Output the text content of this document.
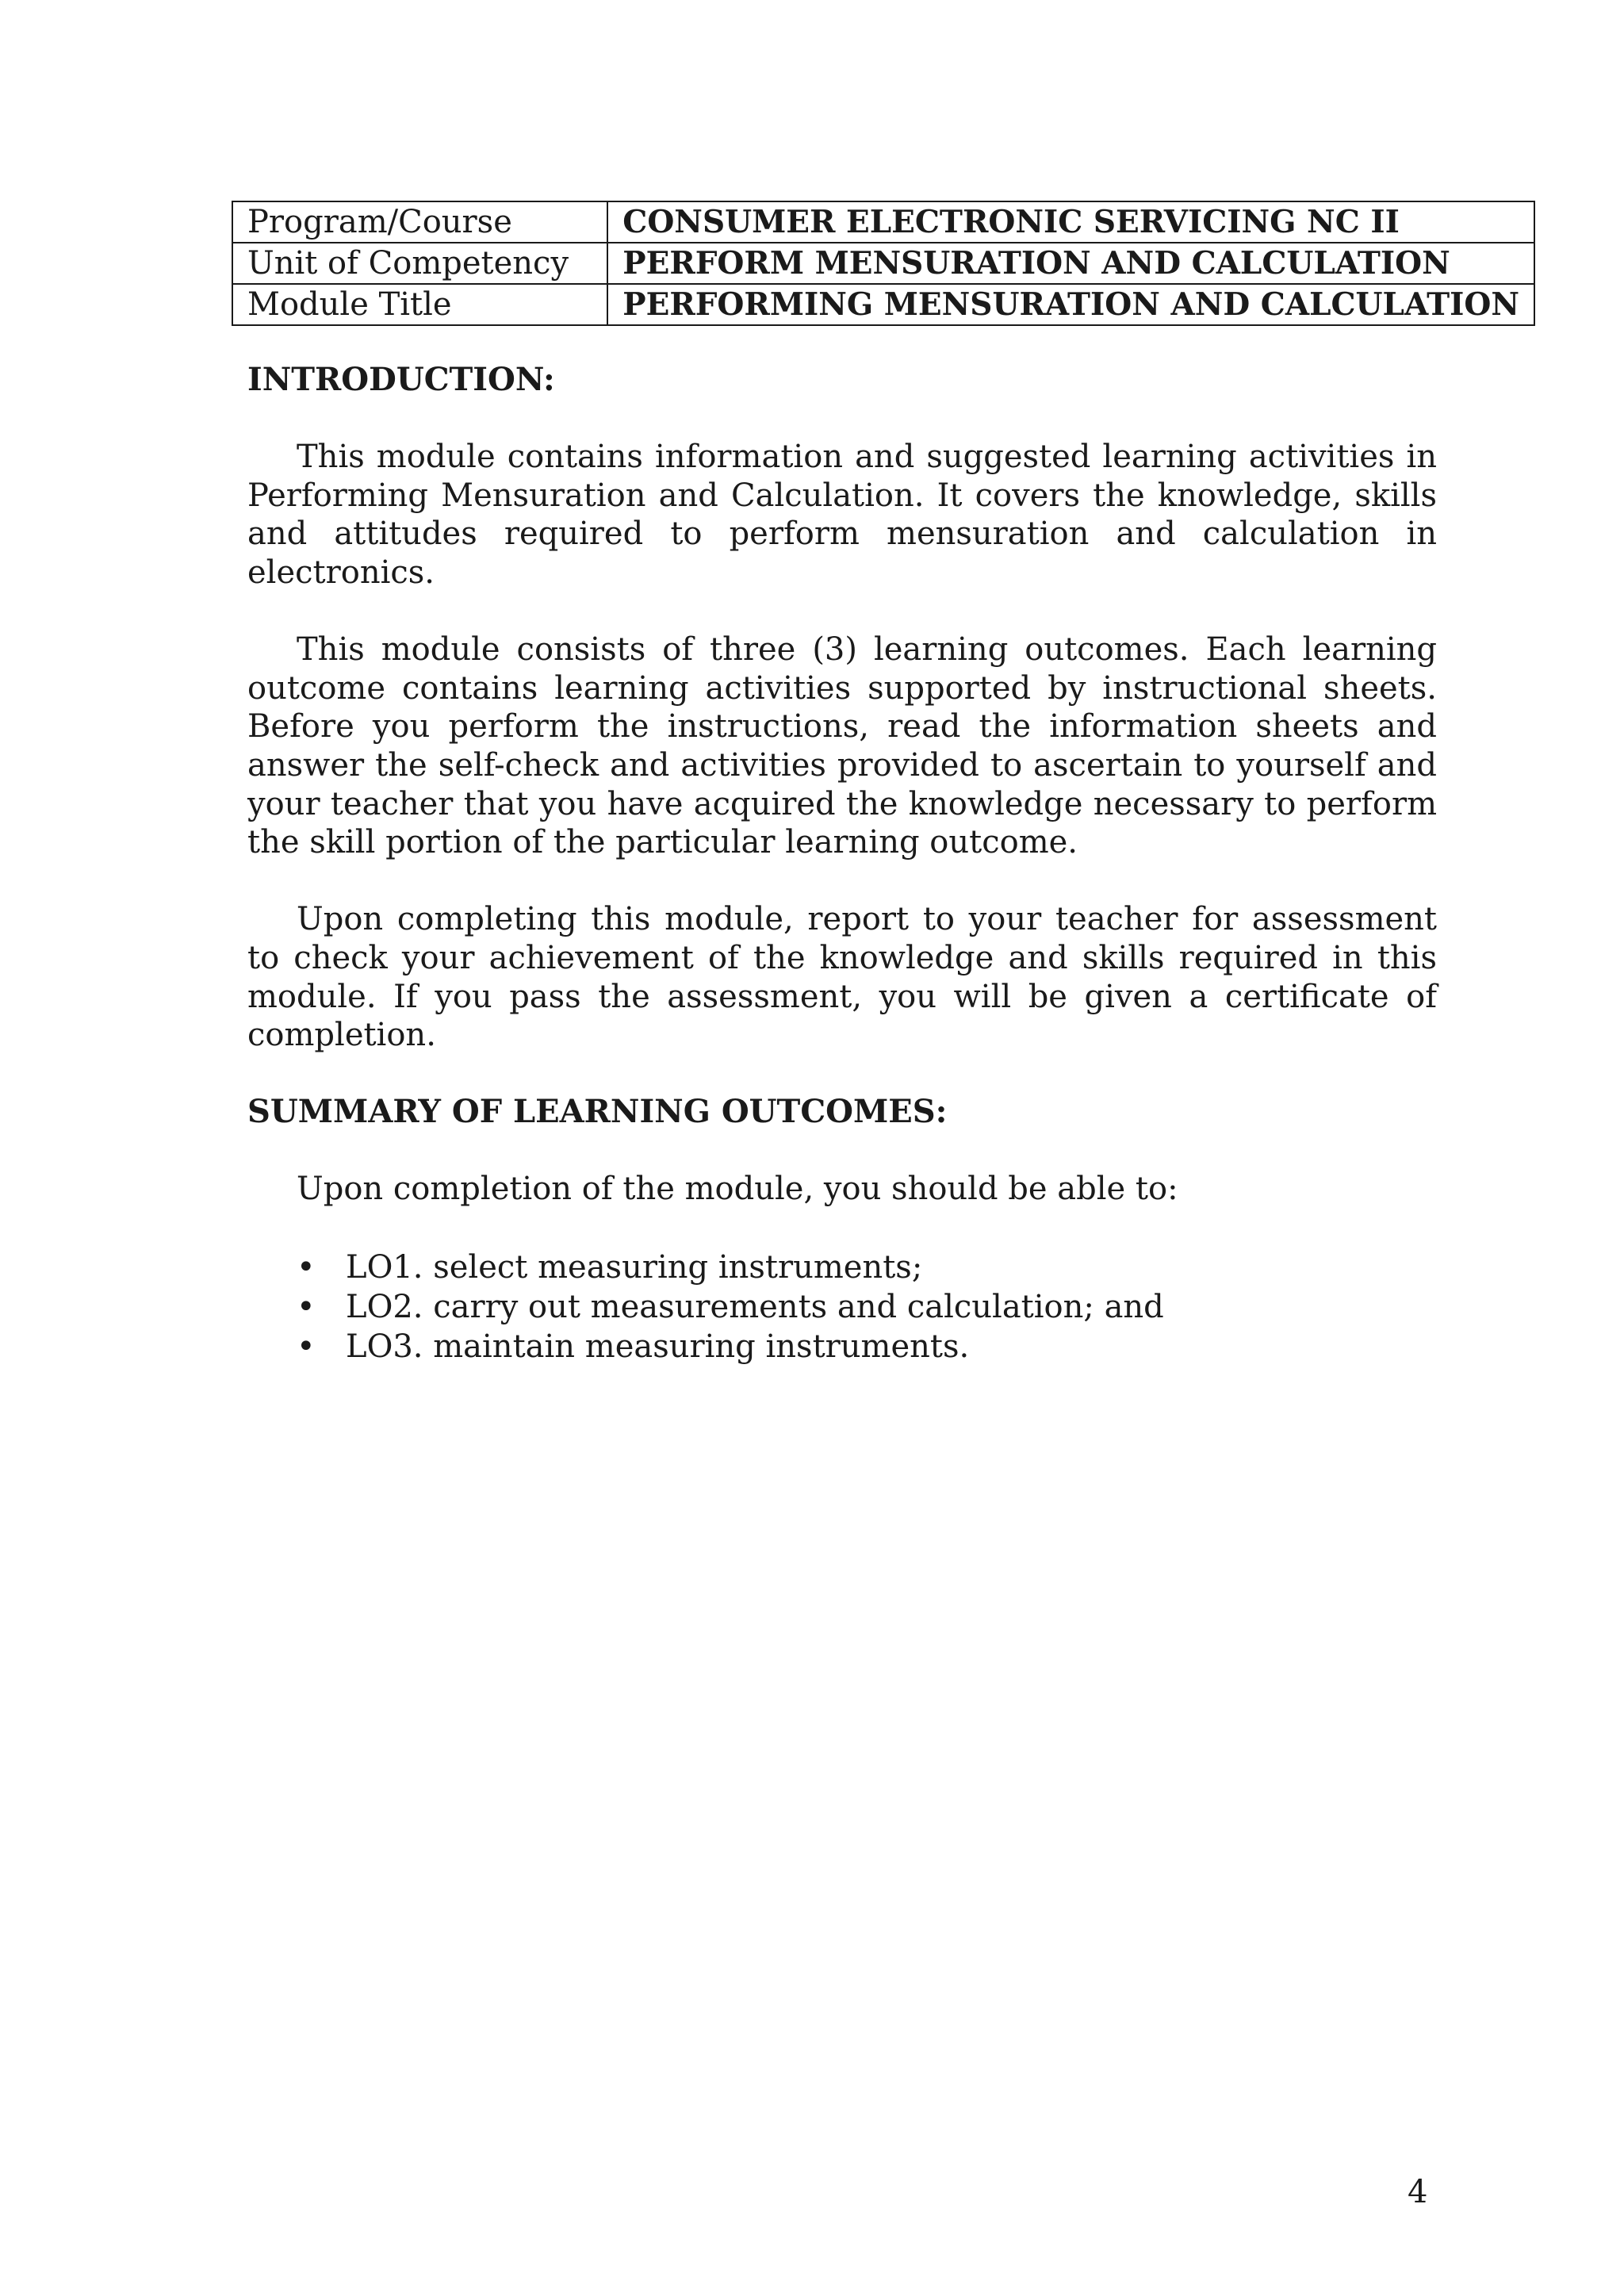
Program/Course	CONSUMER ELECTRONIC SERVICING NC II
Unit of Competency	PERFORM MENSURATION AND CALCULATION
Module Title	PERFORMING MENSURATION AND CALCULATION
INTRODUCTION:

This module contains information and suggested learning activities in Performing Mensuration and Calculation. It covers the knowledge, skills and attitudes required to perform mensuration and calculation in electronics.

This module consists of three (3) learning outcomes. Each learning outcome contains learning activities supported by instructional sheets. Before you perform the instructions, read the information sheets and answer the self-check and activities provided to ascertain to yourself and your teacher that you have acquired the knowledge necessary to perform the skill portion of the particular learning outcome.

Upon completing this module, report to your teacher for assessment to check your achievement of the knowledge and skills required in this module. If you pass the assessment, you will be given a certificate of completion.

SUMMARY OF LEARNING OUTCOMES:

Upon completion of the module, you should be able to:

• LO1. select measuring instruments;
• LO2. carry out measurements and calculation; and
• LO3. maintain measuring instruments.
4
